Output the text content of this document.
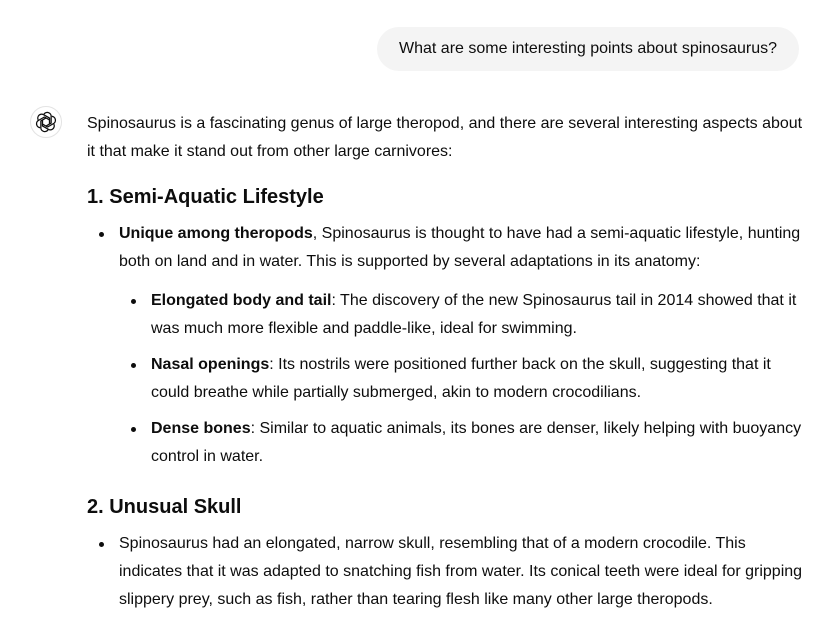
What are some interesting points about spinosaurus?

Spinosaurus is a fascinating genus of large theropod, and there are several interesting aspects about it that make it stand out from other large carnivores:

1. Semi-Aquatic Lifestyle
Unique among theropods, Spinosaurus is thought to have had a semi-aquatic lifestyle, hunting both on land and in water. This is supported by several adaptations in its anatomy:
Elongated body and tail: The discovery of the new Spinosaurus tail in 2014 showed that it was much more flexible and paddle-like, ideal for swimming.
Nasal openings: Its nostrils were positioned further back on the skull, suggesting that it could breathe while partially submerged, akin to modern crocodilians.
Dense bones: Similar to aquatic animals, its bones are denser, likely helping with buoyancy control in water.
2. Unusual Skull
Spinosaurus had an elongated, narrow skull, resembling that of a modern crocodile. This indicates that it was adapted to snatching fish from water. Its conical teeth were ideal for gripping slippery prey, such as fish, rather than tearing flesh like many other large theropods.
